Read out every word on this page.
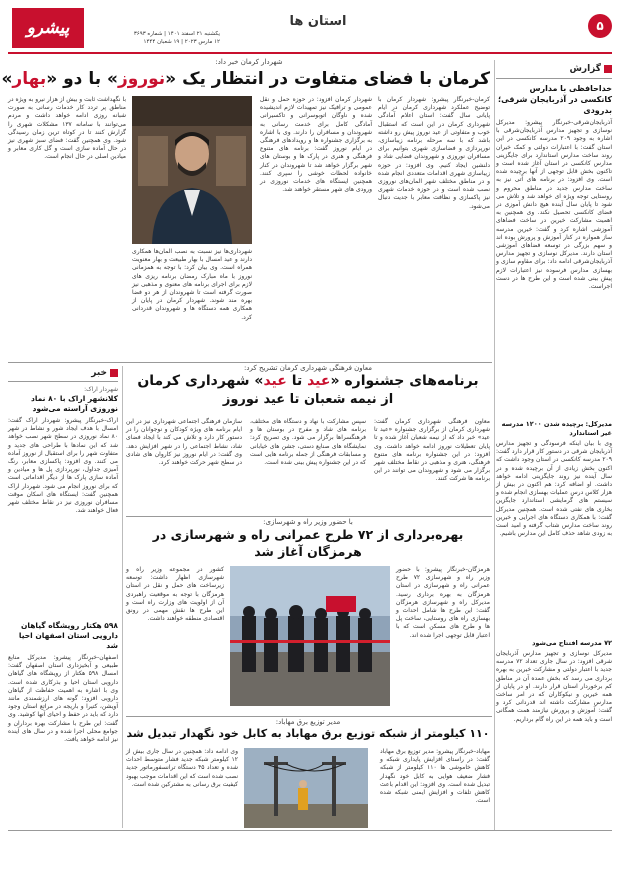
۵
استان ها
پیشرو	یکشنبه ۲۱ اسفند ۱۴۰۱ | شماره ۳۶۹۳
۱۲ مارس ۲۰۲۳ | ۱۹ شعبان ۱۴۴۴
گزارش
خداحافظی با مدارس کانکسی در آذربایجان شرقی؛ بدرودی
آذربایجان‌شرقی-خبرنگار پیشرو: مدیرکل نوسازی و تجهیز مدارس آذربایجان‌شرقی با اشاره به وجود ۲۰۹ مدرسه کانکسی در این استان گفت: با اعتبارات دولتی و کمک خیران روند ساخت مدارس استاندارد برای جایگزینی مدارس کانکسی در استان آغاز شده است و تاکنون بخش قابل توجهی از آنها برچیده شده است. وی افزود: در برنامه های آتی نیز به ساخت مدارس جدید در مناطق محروم و روستایی توجه ویژه ای خواهد شد و تلاش می شود تا پایان سال آینده هیچ دانش آموزی در فضای کانکسی تحصیل نکند. وی همچنین به اهمیت مشارکت خیرین در ساخت فضاهای آموزشی اشاره کرد و گفت: خیرین مدرسه ساز همواره در کنار آموزش و پرورش بوده اند و سهم بزرگی در توسعه فضاهای آموزشی استان دارند. مدیرکل نوسازی و تجهیز مدارس آذربایجان‌شرقی ادامه داد: برای مقاوم سازی و بهسازی مدارس فرسوده نیز اعتبارات لازم پیش بینی شده است و این طرح ها در دست اجراست.
مدیرکل: برچیده شدن ۱۲۰۰ مدرسه غیر استاندارد
وی با بیان اینکه فرسودگی و تجهیز مدارس آذربایجان شرقی در دستور کار قرار دارد گفت: ۲۰۹ مدرسه کانکسی در استان وجود داشت که اکنون بخش زیادی از آن برچیده شده و در سال آینده نیز روند جایگزینی ادامه خواهد داشت. او اضافه کرد: هم اکنون در بیش از هزار کلاس درس عملیات بهسازی انجام شده و سیستم های گرمایشی استاندارد جایگزین بخاری های نفتی شده است. همچنین مدیرکل گفت: با همکاری دستگاه های اجرایی و خیرین روند ساخت مدارس شتاب گرفته و امید است به زودی شاهد حذف کامل این مدارس باشیم.
۷۲ مدرسه افتتاح می‌شود
مدیرکل نوسازی و تجهیز مدارس آذربایجان شرقی افزود: در سال جاری تعداد ۷۲ مدرسه جدید با اعتبار دولتی و مشارکت خیرین به بهره برداری می رسد که بخش عمده آن در مناطق کم برخوردار استان قرار دارند. او در پایان از همه خیرین و نیکوکاران که در امر ساخت مدارس مشارکت داشته اند قدردانی کرد و گفت: آموزش و پرورش نیازمند همت همگانی است و باید همه در این راه گام برداریم.
شهردار کرمان خبر داد:
کرمان با فضای متفاوت در انتظار یک «نوروز» با دو «بهار»
کرمان-خبرنگار پیشرو: شهردار کرمان با توضیح عملکرد شهرداری کرمان در ایام پایانی سال گفت: استان اعلام آمادگی شهرداری کرمان در این است که استقبال خوب و متفاوتی از عید نوروز پیش رو داشته باشد که با سه مرحله برنامه زیباسازی، نورپردازی و فضاسازی شهری بتوانیم برای مسافران نوروزی و شهروندان فضایی شاد و دلنشین ایجاد کنیم. وی افزود: در حوزه زیباسازی شهری اقدامات متعددی انجام شده و در مناطق مختلف شهر المان‌های نوروزی نصب شده است و در حوزه خدمات شهری نیز پاکسازی و نظافت معابر با جدیت دنبال می‌شود.
شهردار کرمان افزود: در حوزه حمل و نقل عمومی و ترافیک نیز تمهیدات لازم اندیشیده شده و ناوگان اتوبوسرانی و تاکسیرانی آمادگی کامل برای خدمت رسانی به شهروندان و مسافران را دارند. وی با اشاره به برگزاری جشنواره ها و رویدادهای فرهنگی در ایام نوروز گفت: برنامه های متنوع فرهنگی و هنری در پارک ها و بوستان های شهر برگزار خواهد شد تا شهروندان در کنار خانواده لحظات خوشی را سپری کنند. همچنین ایستگاه های خدمات نوروزی در ورودی های شهر مستقر خواهند شد.
شهرداری‌ها نیز نسبت به نصب المان‌ها همکاری دارند و عید امسال با بهار طبیعت و بهار معنویت همراه است. وی بیان کرد: با توجه به همزمانی نوروز با ماه مبارک رمضان برنامه ریزی های لازم برای اجرای برنامه های معنوی و مذهبی نیز صورت گرفته است تا شهروندان از هر دو فضا بهره مند شوند. شهردار کرمان در پایان از همکاری همه دستگاه ها و شهروندان قدردانی کرد.
با نگهداشت ثابت و بیش از هزار نیرو به ویژه در مناطق پر تردد کار خدمات رسانی به صورت شبانه روزی ادامه خواهد داشت و مردم می‌توانند با سامانه ۱۳۷ مشکلات شهری را گزارش کنند تا در کوتاه ترین زمان رسیدگی شود. وی همچنین گفت: فضای سبز شهری نیز در حال آماده سازی است و گل کاری معابر و میادین اصلی در حال انجام است.
خبر
شهردار اراک:
کلانشهر اراک با ۸۰ نماد نوروزی آراسته می‌شود
اراک-خبرنگار پیشرو: شهردار اراک گفت: امسال با هدف ایجاد شور و نشاط در شهر ۸۰ نماد نوروزی در سطح شهر نصب خواهد شد که این نمادها با طراحی های جدید و متفاوت شهر را برای استقبال از نوروز آماده می کنند. وی افزود: پاکسازی معابر، رنگ آمیزی جداول، نورپردازی پل ها و میادین و آماده سازی پارک ها از دیگر اقداماتی است که برای نوروز انجام می شود. شهردار اراک همچنین گفت: ایستگاه های اسکان موقت مسافران نوروزی نیز در نقاط مختلف شهر فعال خواهند شد.
۵۹۸ هکتار رویشگاه گیاهان دارویی استان اصفهان احیا شد
اصفهان-خبرنگار پیشرو: مدیرکل منابع طبیعی و آبخیزداری استان اصفهان گفت: امسال ۵۹۸ هکتار از رویشگاه های گیاهان دارویی استان احیا و بذرکاری شده است. وی با اشاره به اهمیت حفاظت از گیاهان دارویی افزود: گونه های ارزشمندی مانند آویشن، کتیرا و باریجه در مراتع استان وجود دارد که باید در حفظ و احیای آنها کوشید. وی گفت: این طرح با مشارکت بهره برداران و جوامع محلی اجرا شده و در سال های آینده نیز ادامه خواهد یافت.
معاون فرهنگی شهرداری کرمان تشریح کرد:
برنامه‌های جشنواره «عید تا عید» شهرداری کرمان
از نیمه شعبان تا عید نوروز
معاون فرهنگی شهرداری کرمان گفت: شهرداری کرمان از برگزاری جشنواره «عید تا عید» خبر داد که از نیمه شعبان آغاز شده و تا پایان تعطیلات نوروز ادامه خواهد داشت. وی افزود: در این جشنواره برنامه های متنوع فرهنگی، هنری و مذهبی در نقاط مختلف شهر برگزار می شود و شهروندان می توانند در این برنامه ها شرکت کنند.
سپس مشارکت با نهاد و دستگاه های مختلف، برنامه های شاد و مفرح در بوستان ها و فرهنگسراها برگزار می شود. وی تصریح کرد: نمایشگاه های صنایع دستی، جشن های خیابانی و مسابقات فرهنگی از جمله برنامه هایی است که در این جشنواره پیش بینی شده است.
سازمان فرهنگی اجتماعی شهرداری نیز در این ایام برنامه های ویژه کودکان و نوجوانان را در دستور کار دارد و تلاش می کند با ایجاد فضای شاد، نشاط اجتماعی را در شهر افزایش دهد. وی گفت: در ایام نوروز نیز کاروان های شادی در سطح شهر حرکت خواهند کرد.
با حضور وزیر راه و شهرسازی:
بهره‌برداری از ۷۲ طرح عمرانی راه و شهرسازی در هرمزگان آغاز شد
هرمزگان-خبرنگار پیشرو: با حضور وزیر راه و شهرسازی ۷۲ طرح عمرانی راه و شهرسازی در استان هرمزگان به بهره برداری رسید. مدیرکل راه و شهرسازی هرمزگان گفت: این طرح ها شامل احداث و بهسازی راه های روستایی، ساخت پل ها و طرح های مسکن است که با اعتبار قابل توجهی اجرا شده اند.
کشور در مجموعه وزیر راه و شهرسازی اظهار داشت: توسعه زیرساخت های حمل و نقل در استان هرمزگان با توجه به موقعیت راهبردی آن از اولویت های وزارت راه است و این طرح ها نقش مهمی در رونق اقتصادی منطقه خواهند داشت.
مدیر توزیع برق مهاباد:
۱۱۰ کیلومتر از شبکه توزیع برق مهاباد به کابل خود نگهدار تبدیل شد
مهاباد-خبرنگار پیشرو: مدیر توزیع برق مهاباد گفت: در راستای افزایش پایداری شبکه و کاهش خاموشی ها ۱۱۰ کیلومتر از شبکه فشار ضعیف هوایی به کابل خود نگهدار تبدیل شده است. وی افزود: این اقدام باعث کاهش تلفات و افزایش ایمنی شبکه شده است.
وی ادامه داد: همچنین در سال جاری بیش از ۱۲ کیلومتر شبکه جدید فشار متوسط احداث شده و تعداد ۴۵ دستگاه ترانسفورماتور جدید نصب شده است که این اقدامات موجب بهبود کیفیت برق رسانی به مشترکین شده است.
